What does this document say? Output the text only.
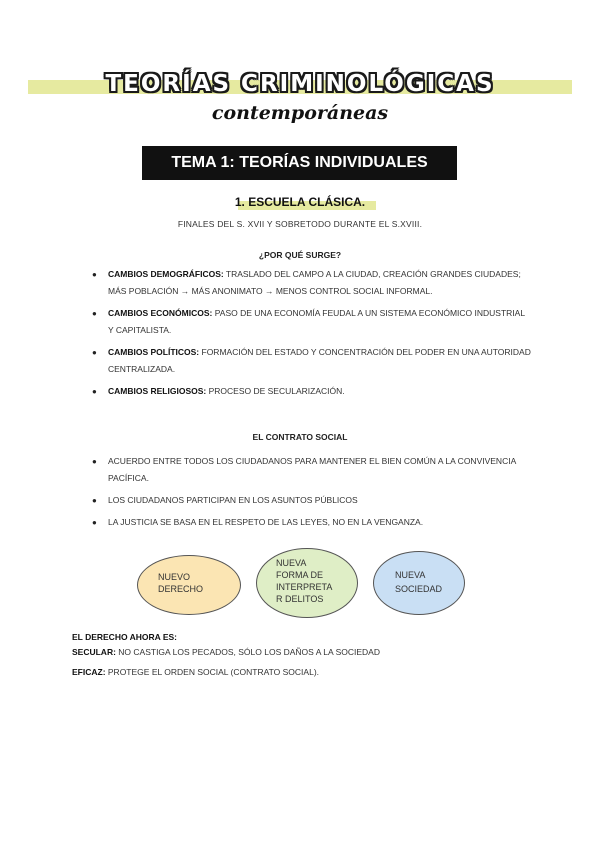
TEORÍAS CRIMINOLÓGICAS
contemporáneas
TEMA 1: TEORÍAS INDIVIDUALES
1. ESCUELA CLÁSICA.
FINALES DEL S. XVII Y SOBRETODO DURANTE EL S.XVIII.
¿POR QUÉ SURGE?
● CAMBIOS DEMOGRÁFICOS: TRASLADO DEL CAMPO A LA CIUDAD, CREACIÓN GRANDES CIUDADES; MÁS POBLACIÓN → MÁS ANONIMATO → MENOS CONTROL SOCIAL INFORMAL.
● CAMBIOS ECONÓMICOS: PASO DE UNA ECONOMÍA FEUDAL A UN SISTEMA ECONÓMICO INDUSTRIAL Y CAPITALISTA.
● CAMBIOS POLÍTICOS: FORMACIÓN DEL ESTADO Y CONCENTRACIÓN DEL PODER EN UNA AUTORIDAD CENTRALIZADA.
● CAMBIOS RELIGIOSOS: PROCESO DE SECULARIZACIÓN.
EL CONTRATO SOCIAL
● ACUERDO ENTRE TODOS LOS CIUDADANOS PARA MANTENER EL BIEN COMÚN A LA CONVIVENCIA PACÍFICA.
● LOS CIUDADANOS PARTICIPAN EN LOS ASUNTOS PÚBLICOS
● LA JUSTICIA SE BASA EN EL RESPETO DE LAS LEYES, NO EN LA VENGANZA.
NUEVO
DERECHO
NUEVA
FORMA DE
INTERPRETA
R DELITOS
NUEVA
SOCIEDAD
EL DERECHO AHORA ES:
SECULAR: NO CASTIGA LOS PECADOS, SÓLO LOS DAÑOS A LA SOCIEDAD
EFICAZ: PROTEGE EL ORDEN SOCIAL (CONTRATO SOCIAL).
